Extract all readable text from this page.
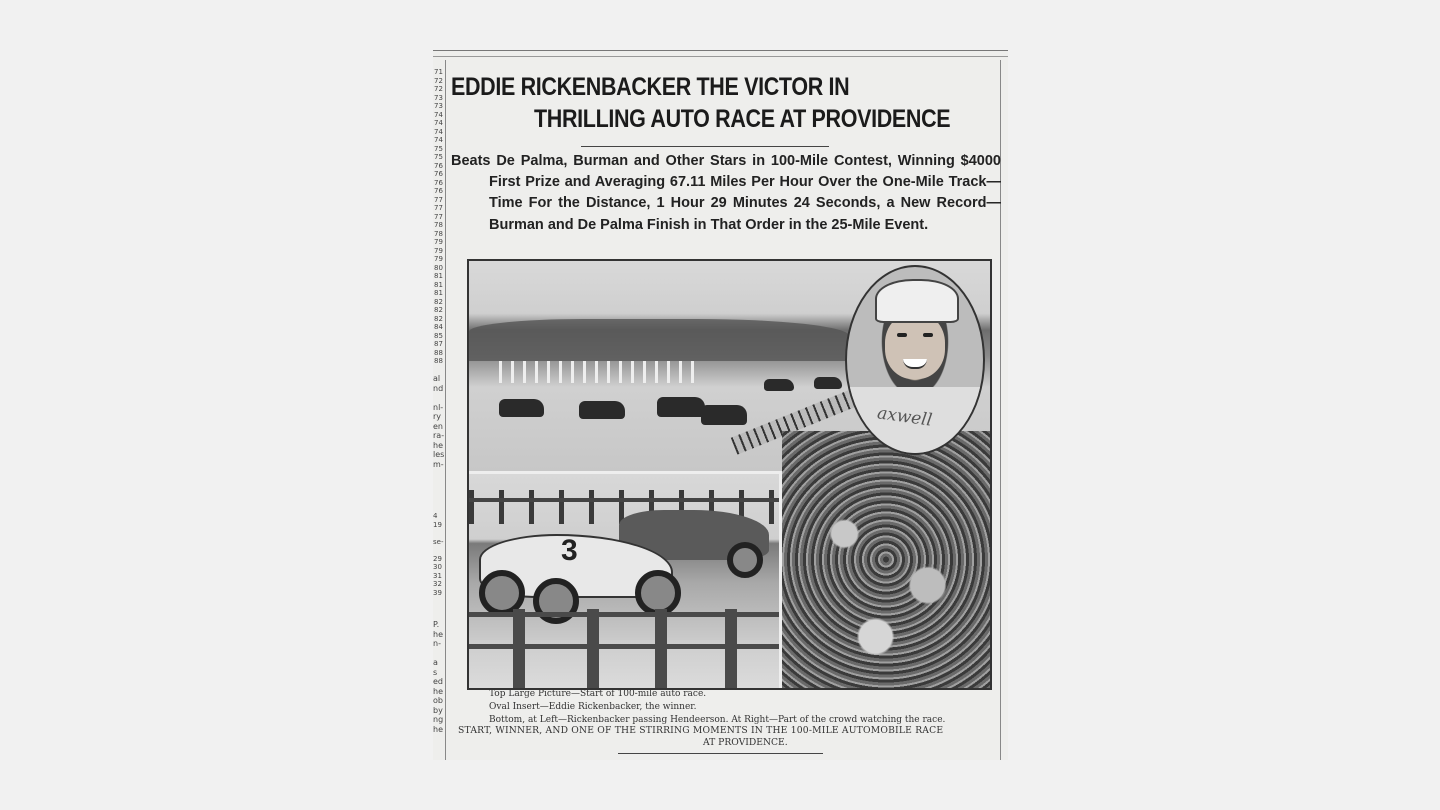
71
72
72
73
73
74
74
74
74
75
75
76
76
76
76
77
77
77
78
78
79
79
79
80
81
81
81
82
82
82
84
85
87
88
88
al
nd

nl-
ry
en
ra-
he
les
m-
4
19

se-

29
30
31
32
39
P.
he
n-

a
s
ed
he
ob
by
ng
he
EDDIE RICKENBACKER THE VICTOR IN
THRILLING AUTO RACE AT PROVIDENCE

Beats De Palma, Burman and Other Stars in 100-Mile Contest, Winning $4000 First Prize and Averaging 67.11 Miles Per Hour Over the One-Mile Track— Time For the Distance, 1 Hour 29 Minutes 24 Seconds, a New Record—Burman and De Palma Finish in That Order in the 25-Mile Event.

3
axwell

Top Large Picture—Start of 100-mile auto race.

Oval Insert—Eddie Rickenbacker, the winner.

Bottom, at Left—Rickenbacker passing Hendeerson. At Right—Part of the crowd watching the race.

START, WINNER, AND ONE OF THE STIRRING MOMENTS IN THE 100-MILE AUTOMOBILE RACE

AT PROVIDENCE.
